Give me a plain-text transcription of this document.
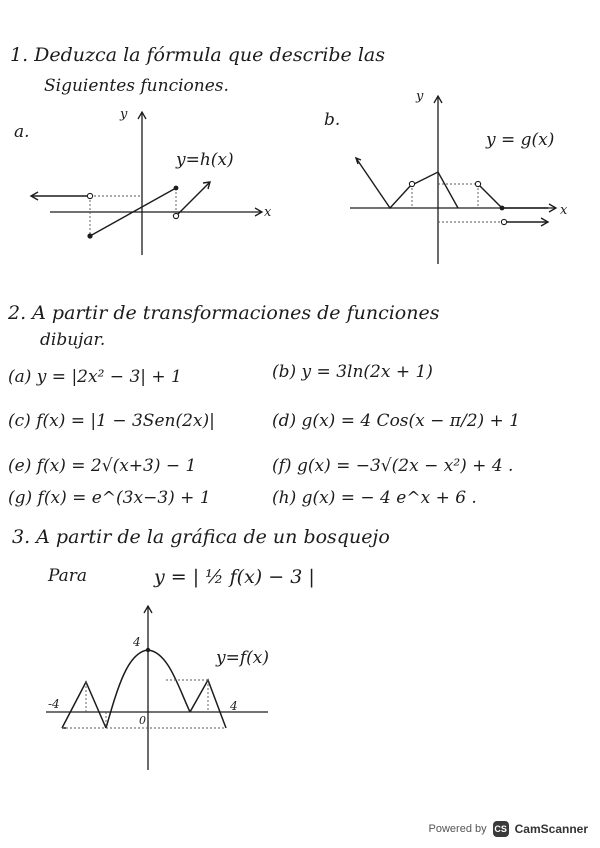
1. Deduzca la fórmula que describe las
Siguientes funciones.
a.
y=h(x)
x
y	b.
y = g(x)
x
y
2. A partir de transformaciones de funciones
dibujar.
(a) y = |2x² − 3| + 1	(b) y = 3ln(2x + 1)
(c) f(x) = |1 − 3Sen(2x)|	(d) g(x) = 4 Cos(x − π/2) + 1
(e) f(x) = 2√(x+3) − 1	(f) g(x) = −3√(2x − x²) + 4 .
(g) f(x) = e^(3x−3) + 1	(h) g(x) = − 4 e^x + 6 .
3. A partir de la gráfica de un bosquejo
Para	y = | ½ f(x) − 3 |
y=f(x)
4
-4	4
0
Powered by CS CamScanner
